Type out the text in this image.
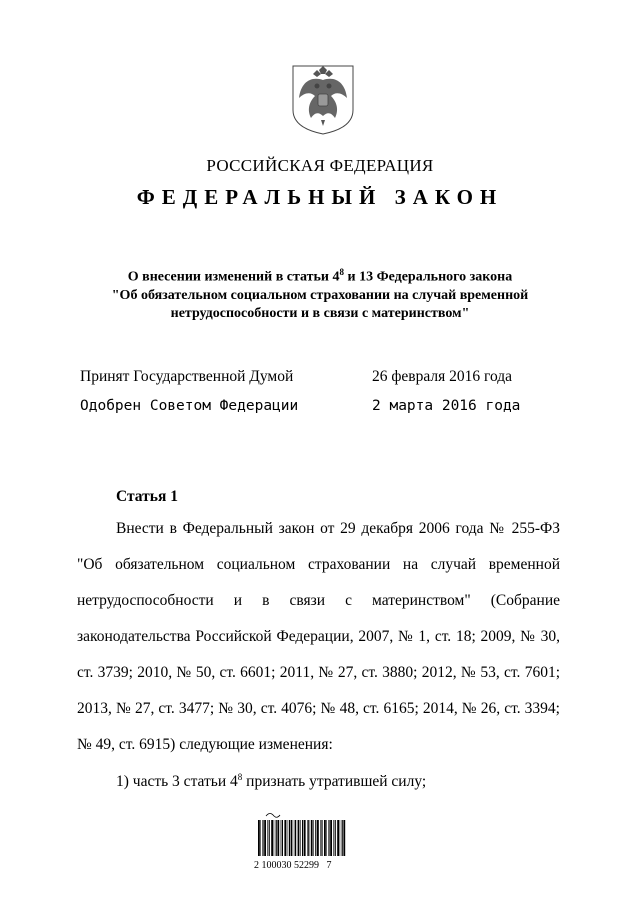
РОССИЙСКАЯ ФЕДЕРАЦИЯ
ФЕДЕРАЛЬНЫЙ ЗАКОН
О внесении изменений в статьи $4^8$ и 13 Федерального закона
"Об обязательном социальном страховании на случай временной
нетрудоспособности и в связи с материнством"
Принят Государственной Думой	26 февраля 2016 года
Одобрен Советом Федерации	2 марта 2016 года
Статья 1
Внести в Федеральный закон от 29 декабря 2006 года № 255-ФЗ
"Об обязательном социальном страховании на случай временной
нетрудоспособности и в связи с материнством" (Собрание
законодательства Российской Федерации, 2007, № 1, ст. 18; 2009, № 30,
ст. 3739; 2010, № 50, ст. 6601; 2011, № 27, ст. 3880; 2012, № 53, ст. 7601;
2013, № 27, ст. 3477; № 30, ст. 4076; № 48, ст. 6165; 2014, № 26, ст. 3394;
№ 49, ст. 6915) следующие изменения:
1) часть 3 статьи $4^8$ признать утратившей силу;
2 100030 52299   7
